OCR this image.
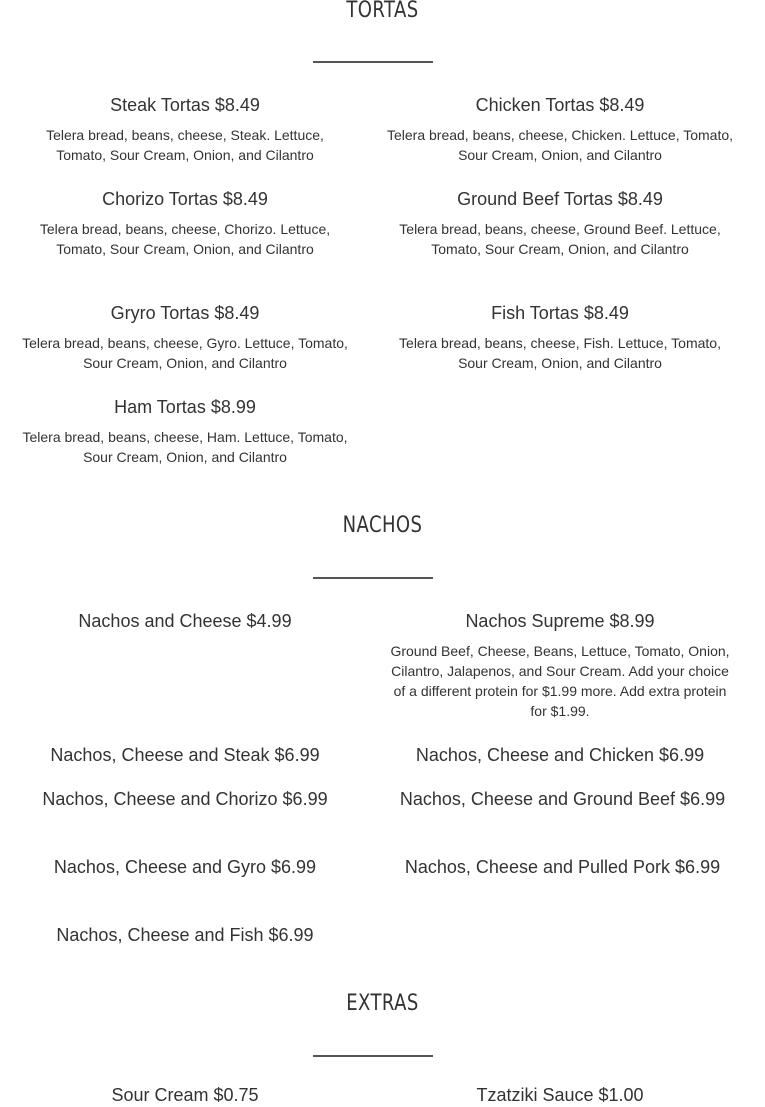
TORTAS
Steak Tortas $8.49
Telera bread, beans, cheese, Steak. Lettuce, Tomato, Sour Cream, Onion, and Cilantro
Chicken Tortas $8.49
Telera bread, beans, cheese, Chicken. Lettuce, Tomato, Sour Cream, Onion, and Cilantro
Chorizo Tortas $8.49
Telera bread, beans, cheese, Chorizo. Lettuce, Tomato, Sour Cream, Onion, and Cilantro
Ground Beef Tortas $8.49
Telera bread, beans, cheese, Ground Beef. Lettuce, Tomato, Sour Cream, Onion, and Cilantro
Gryro Tortas $8.49
Telera bread, beans, cheese, Gyro. Lettuce, Tomato, Sour Cream, Onion, and Cilantro
Fish Tortas $8.49
Telera bread, beans, cheese, Fish. Lettuce, Tomato, Sour Cream, Onion, and Cilantro
Ham Tortas $8.99
Telera bread, beans, cheese, Ham. Lettuce, Tomato, Sour Cream, Onion, and Cilantro
NACHOS
Nachos and Cheese $4.99	Nachos Supreme $8.99
Ground Beef, Cheese, Beans, Lettuce, Tomato, Onion, Cilantro, Jalapenos, and Sour Cream. Add your choice of a different protein for $1.99 more. Add extra protein for $1.99.
Nachos, Cheese and Steak $6.99	Nachos, Cheese and Chicken $6.99
Nachos, Cheese and Chorizo $6.99	Nachos, Cheese and Ground Beef $6.99
Nachos, Cheese and Gyro $6.99	Nachos, Cheese and Pulled Pork $6.99
Nachos, Cheese and Fish $6.99
EXTRAS
Sour Cream $0.75	Tzatziki Sauce $1.00
